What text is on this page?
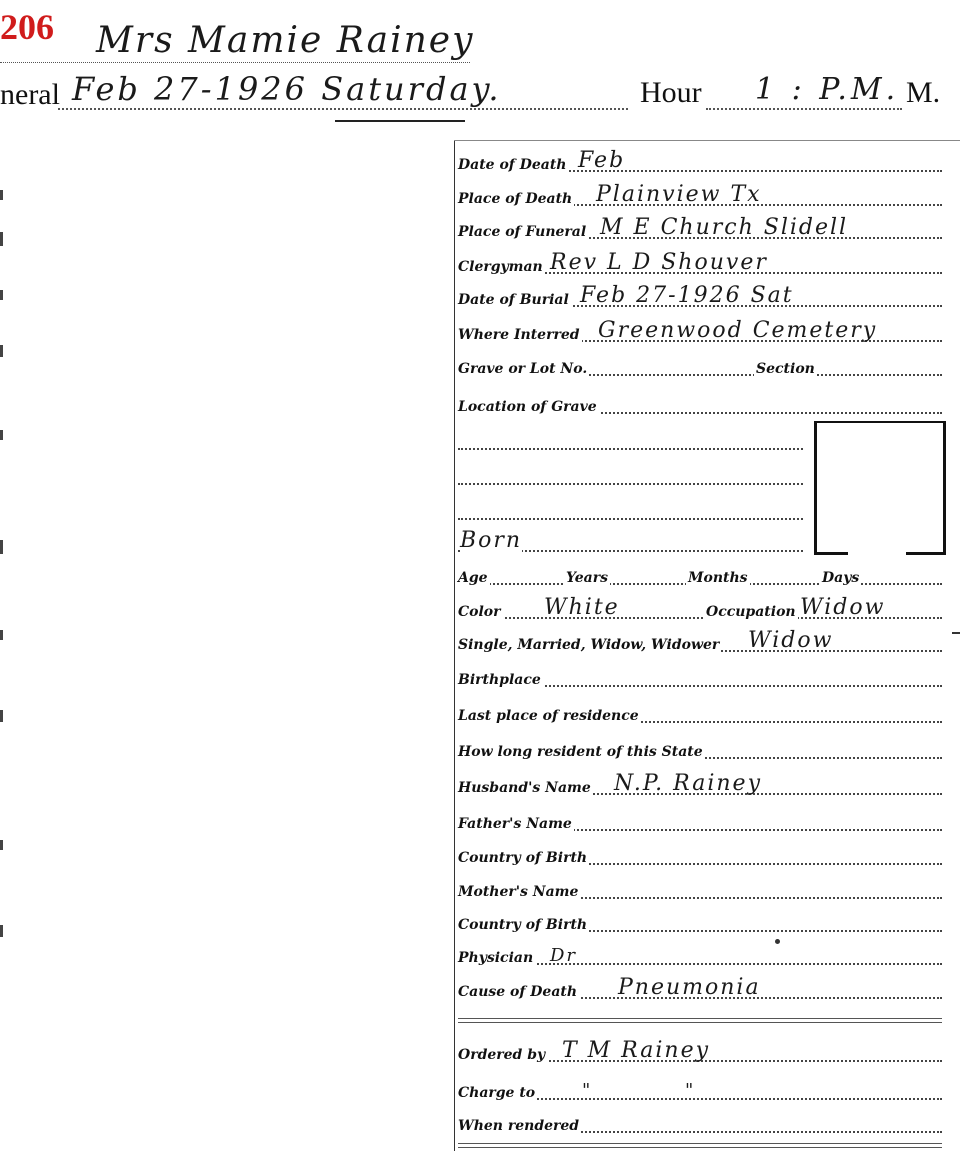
206 Mrs Mamie Rainey
neral Feb 27-1926 Saturday.	Hour 1 : P.M. M.
Date of Death Feb
Place of Death Plainview Tx
Place of Funeral M E Church Slidell
Clergyman Rev L D Shouver
Date of Burial Feb 27-1926 Sat
Where Interred Greenwood Cemetery
Grave or Lot No.	Section
Location of Grave
Born
Age	Years	Months	Days
Color White	Occupation Widow
Single, Married, Widow, Widower Widow
Birthplace
Last place of residence
How long resident of this State
Husband's Name N.P. Rainey
Father's Name
Country of Birth
Mother's Name
Country of Birth
Physician Dr
Cause of Death Pneumonia
Ordered by T M Rainey
Charge to	"            "
When rendered
